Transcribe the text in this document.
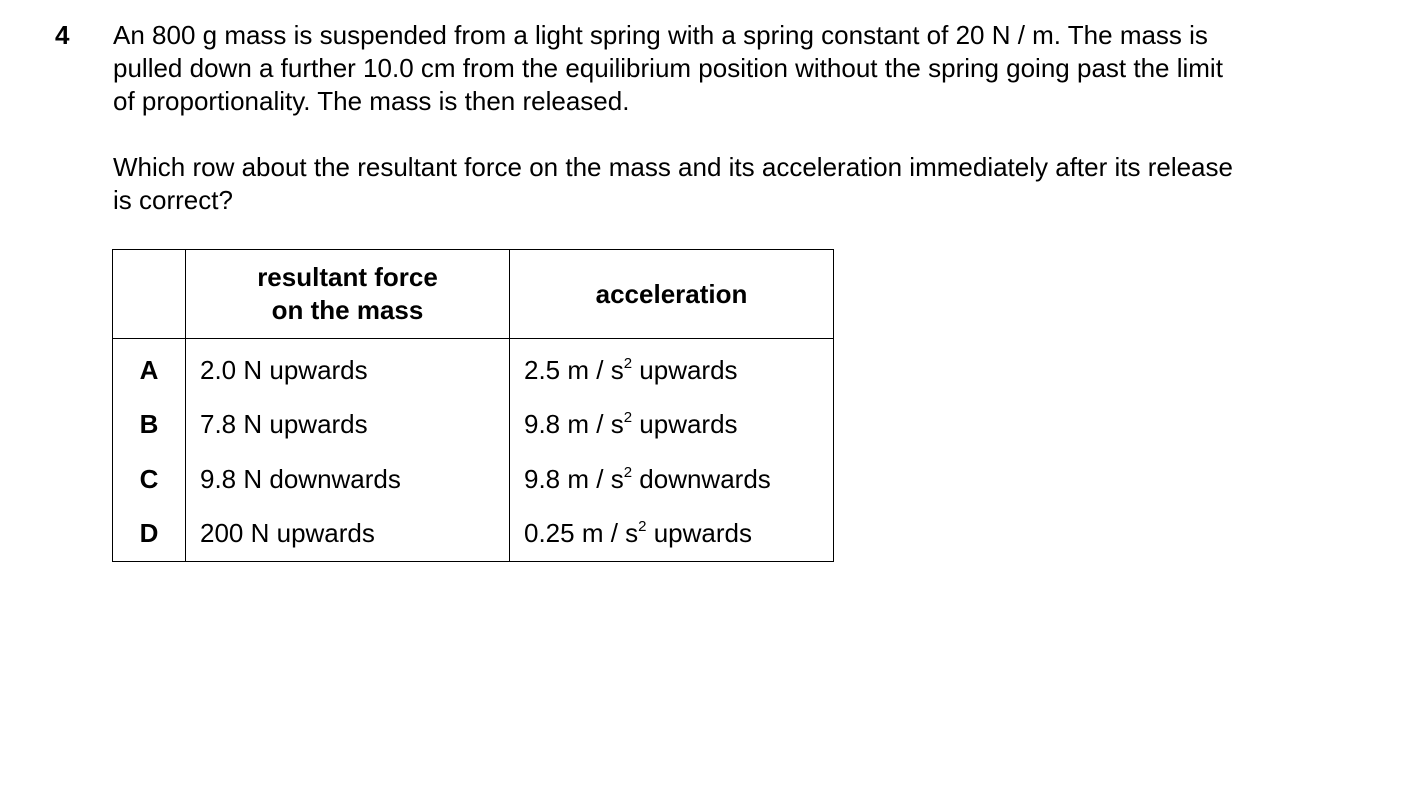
4 An 800 g mass is suspended from a light spring with a spring constant of 20 N / m. The mass is
pulled down a further 10.0 cm from the equilibrium position without the spring going past the limit
of proportionality. The mass is then released.
Which row about the resultant force on the mass and its acceleration immediately after its release
is correct?

	resultant force
on the mass	acceleration
A	2.0 N upwards	2.5 m / $s^2$ upwards
B	7.8 N upwards	9.8 m / $s^2$ upwards
C	9.8 N downwards	9.8 m / $s^2$ downwards
D	200 N upwards	0.25 m / $s^2$ upwards
